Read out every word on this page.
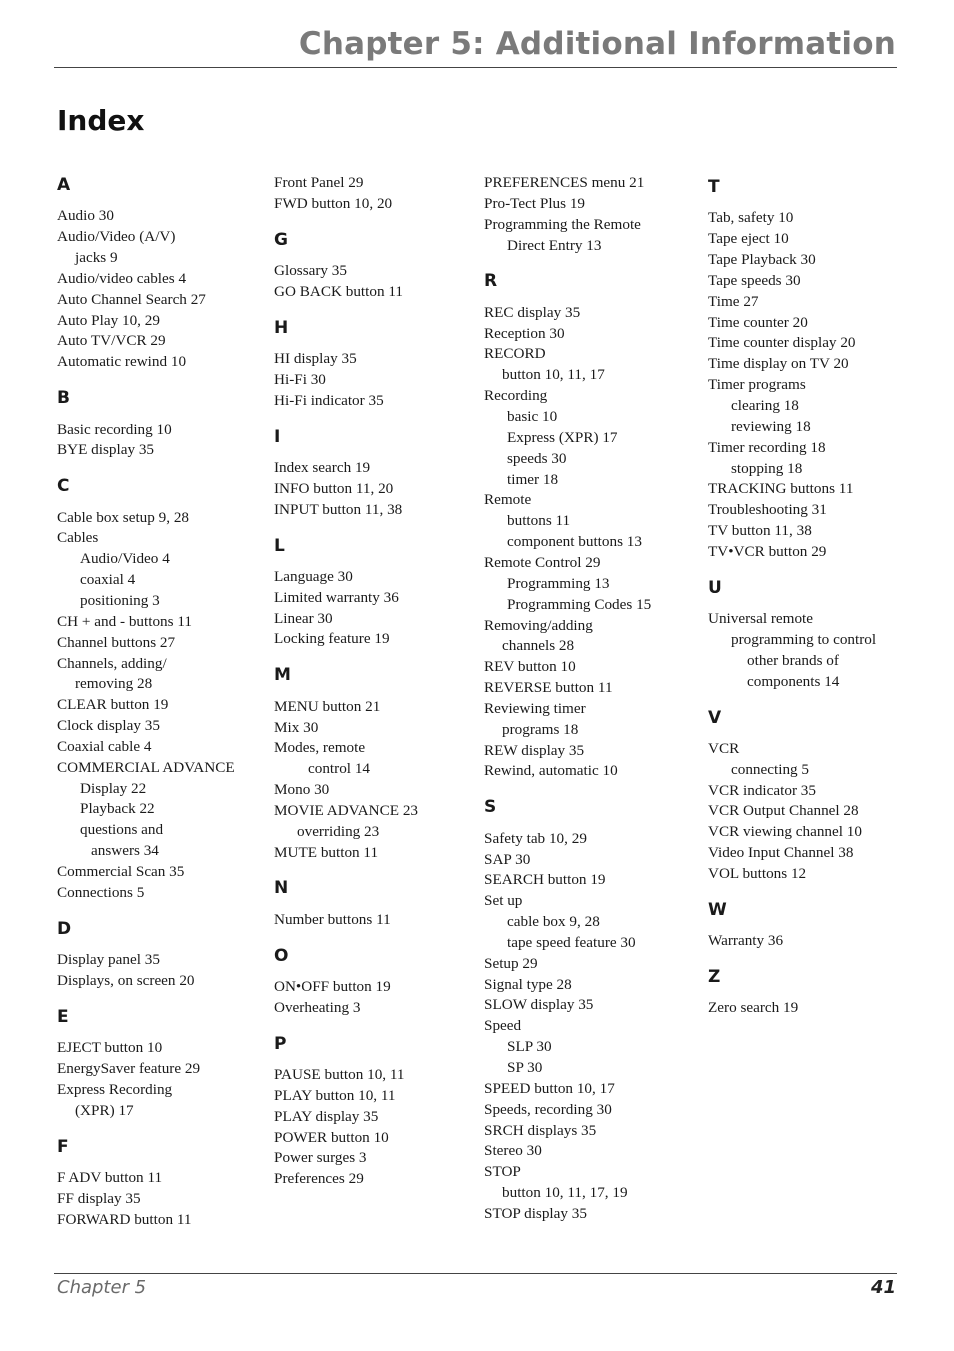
Chapter 5: Additional Information
Index
A
Audio 30
Audio/Video (A/V)
jacks 9
Audio/video cables 4
Auto Channel Search 27
Auto Play 10, 29
Auto TV/VCR 29
Automatic rewind 10
B
Basic recording 10
BYE display 35
C
Cable box setup 9, 28
Cables
Audio/Video 4
coaxial 4
positioning 3
CH + and - buttons 11
Channel buttons 27
Channels, adding/
removing 28
CLEAR button 19
Clock display 35
Coaxial cable 4
COMMERCIAL ADVANCE
Display 22
Playback 22
questions and
answers 34
Commercial Scan 35
Connections 5
D
Display panel 35
Displays, on screen 20
E
EJECT button 10
EnergySaver feature 29
Express Recording
(XPR) 17
F
F ADV button 11
FF display 35
FORWARD button 11
Front Panel 29
FWD button 10, 20
G
Glossary 35
GO BACK button 11
H
HI display 35
Hi-Fi 30
Hi-Fi indicator 35
I
Index search 19
INFO button 11, 20
INPUT button 11, 38
L
Language 30
Limited warranty 36
Linear 30
Locking feature 19
M
MENU button 21
Mix 30
Modes, remote
control 14
Mono 30
MOVIE ADVANCE 23
overriding 23
MUTE button 11
N
Number buttons 11
O
ON•OFF button 19
Overheating 3
P
PAUSE button 10, 11
PLAY button 10, 11
PLAY display 35
POWER button 10
Power surges 3
Preferences 29
PREFERENCES menu 21
Pro-Tect Plus 19
Programming the Remote
Direct Entry 13
R
REC display 35
Reception 30
RECORD
button 10, 11, 17
Recording
basic 10
Express (XPR) 17
speeds 30
timer 18
Remote
buttons 11
component buttons 13
Remote Control 29
Programming 13
Programming Codes 15
Removing/adding
channels 28
REV button 10
REVERSE button 11
Reviewing timer
programs 18
REW display 35
Rewind, automatic 10
S
Safety tab 10, 29
SAP 30
SEARCH button 19
Set up
cable box 9, 28
tape speed feature 30
Setup 29
Signal type 28
SLOW display 35
Speed
SLP 30
SP 30
SPEED button 10, 17
Speeds, recording 30
SRCH displays 35
Stereo 30
STOP
button 10, 11, 17, 19
STOP display 35
T
Tab, safety 10
Tape eject 10
Tape Playback 30
Tape speeds 30
Time 27
Time counter 20
Time counter display 20
Time display on TV 20
Timer programs
clearing 18
reviewing 18
Timer recording 18
stopping 18
TRACKING buttons 11
Troubleshooting 31
TV button 11, 38
TV•VCR button 29
U
Universal remote
programming to control
other brands of
components 14
V
VCR
connecting 5
VCR indicator 35
VCR Output Channel 28
VCR viewing channel 10
Video Input Channel 38
VOL buttons 12
W
Warranty 36
Z
Zero search 19
Chapter 5	41
